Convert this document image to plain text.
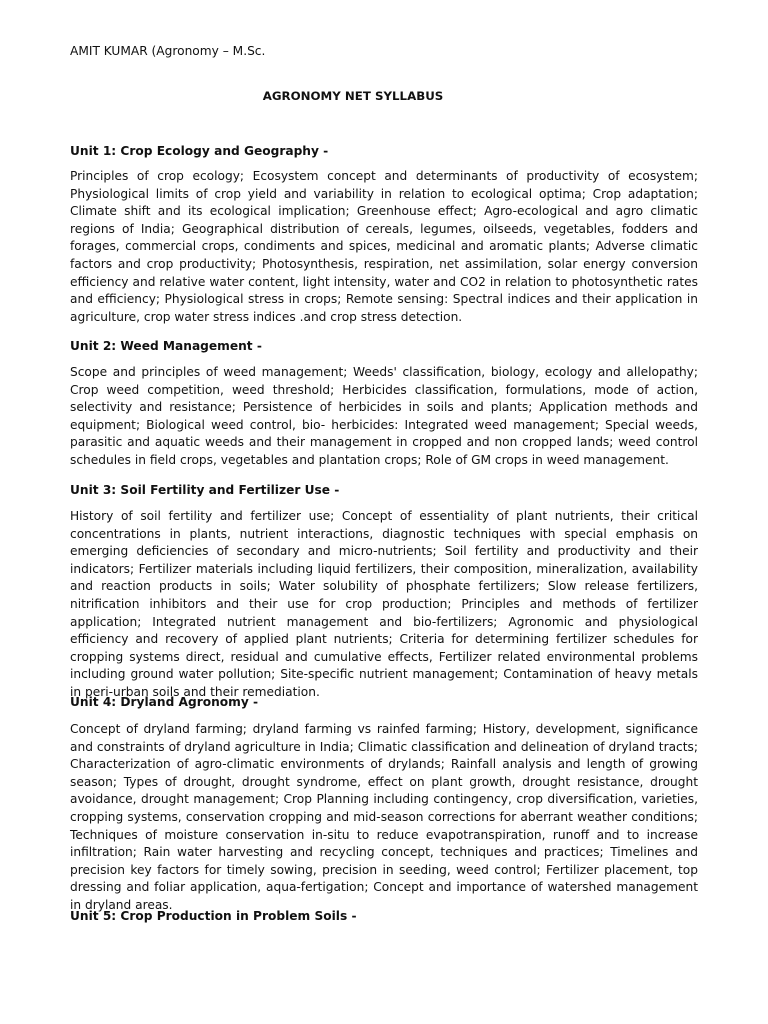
AMIT KUMAR (Agronomy – M.Sc.
AGRONOMY NET SYLLABUS
Unit 1: Crop Ecology and Geography -

Principles of crop ecology; Ecosystem concept and determinants of productivity of ecosystem; Physiological limits of crop yield and variability in relation to ecological optima; Crop adaptation; Climate shift and its ecological implication; Greenhouse effect; Agro-ecological and agro climatic regions of India; Geographical distribution of cereals, legumes, oilseeds, vegetables, fodders and forages, commercial crops, condiments and spices, medicinal and aromatic plants; Adverse climatic factors and crop productivity; Photosynthesis, respiration, net assimilation, solar energy conversion efficiency and relative water content, light intensity, water and CO2 in relation to photosynthetic rates and efficiency; Physiological stress in crops; Remote sensing: Spectral indices and their application in agriculture, crop water stress indices .and crop stress detection.

Unit 2: Weed Management -

Scope and principles of weed management; Weeds' classification, biology, ecology and allelopathy; Crop weed competition, weed threshold; Herbicides classification, formulations, mode of action, selectivity and resistance; Persistence of herbicides in soils and plants; Application methods and equipment; Biological weed control, bio- herbicides: Integrated weed management; Special weeds, parasitic and aquatic weeds and their management in cropped and non cropped lands; weed control schedules in field crops, vegetables and plantation crops; Role of GM crops in weed management.

Unit 3: Soil Fertility and Fertilizer Use -

History of soil fertility and fertilizer use; Concept of essentiality of plant nutrients, their critical concentrations in plants, nutrient interactions, diagnostic techniques with special emphasis on emerging deficiencies of secondary and micro-nutrients; Soil fertility and productivity and their indicators; Fertilizer materials including liquid fertilizers, their composition, mineralization, availability and reaction products in soils; Water solubility of phosphate fertilizers; Slow release fertilizers, nitrification inhibitors and their use for crop production; Principles and methods of fertilizer application; Integrated nutrient management and bio-fertilizers; Agronomic and physiological efficiency and recovery of applied plant nutrients; Criteria for determining fertilizer schedules for cropping systems direct, residual and cumulative effects, Fertilizer related environmental problems including ground water pollution; Site-specific nutrient management; Contamination of heavy metals in peri-urban soils and their remediation.

Unit 4: Dryland Agronomy -

Concept of dryland farming; dryland farming vs rainfed farming; History, development, significance and constraints of dryland agriculture in India; Climatic classification and delineation of dryland tracts; Characterization of agro-climatic environments of drylands; Rainfall analysis and length of growing season; Types of drought, drought syndrome, effect on plant growth, drought resistance, drought avoidance, drought management; Crop Planning including contingency, crop diversification, varieties, cropping systems, conservation cropping and mid-season corrections for aberrant weather conditions; Techniques of moisture conservation in-situ to reduce evapotranspiration, runoff and to increase infiltration; Rain water harvesting and recycling concept, techniques and practices; Timelines and precision key factors for timely sowing, precision in seeding, weed control; Fertilizer placement, top dressing and foliar application, aqua-fertigation; Concept and importance of watershed management in dryland areas.

Unit 5: Crop Production in Problem Soils -
